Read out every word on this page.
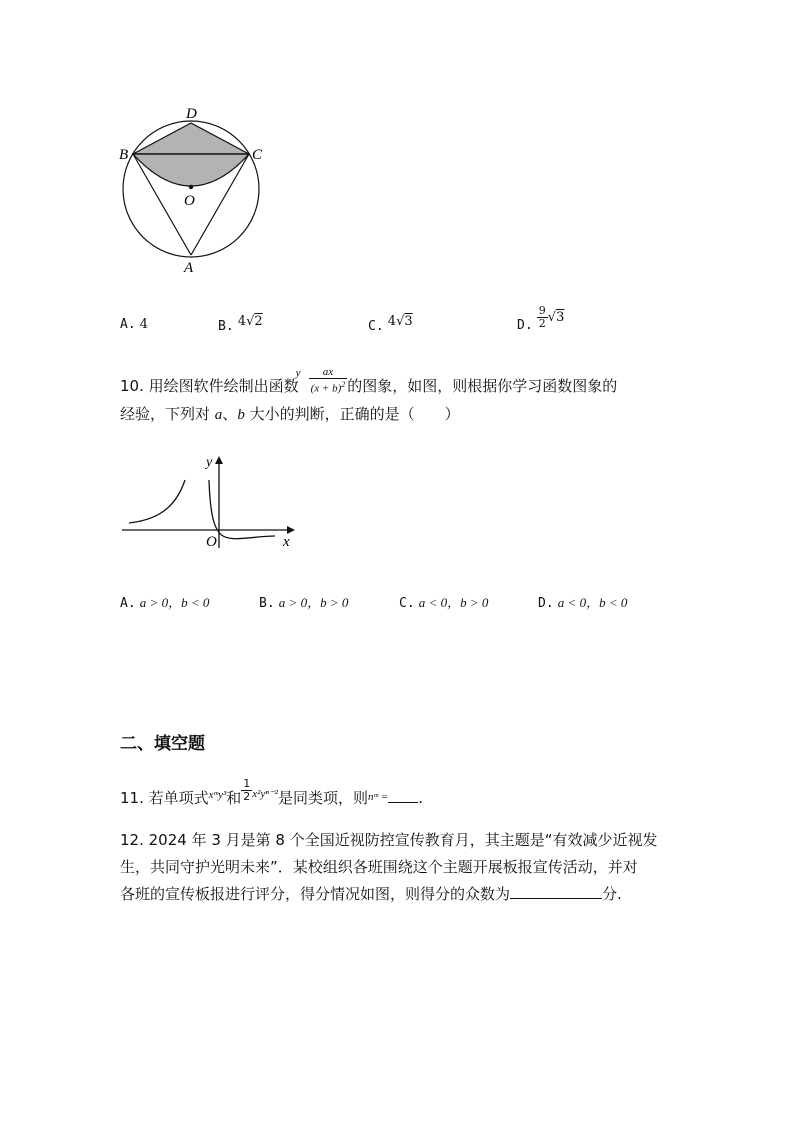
D
B	C
O
A
A. 4	B. 4√2	C. 4√3	D. $\frac{9}{2} √3$
10. 用绘图软件绘制出函数
y
$\frac{ax}{(x + b)^2}$ 的图象，如图，则根据你学习函数图象的
经验，下列对 a、b 大小的判断，正确的是（　　）
y
O	x
A. a > 0，b < 0	B. a > 0，b > 0	C. a < 0，b > 0	D. a < 0，b < 0
二、填空题
11. 若单项式$^{xᵐy^3}$和 $\frac{1}{2} ^{x^2y^{n-2}}$是同类项，则$^{nᵐ =}$ .
12. 2024 年 3 月是第 8 个全国近视防控宣传教育月，其主题是“有效减少近视发
生，共同守护光明未来”．某校组织各班围绕这个主题开展板报宣传活动，并对
各班的宣传板报进行评分，得分情况如图，则得分的众数为	分.
